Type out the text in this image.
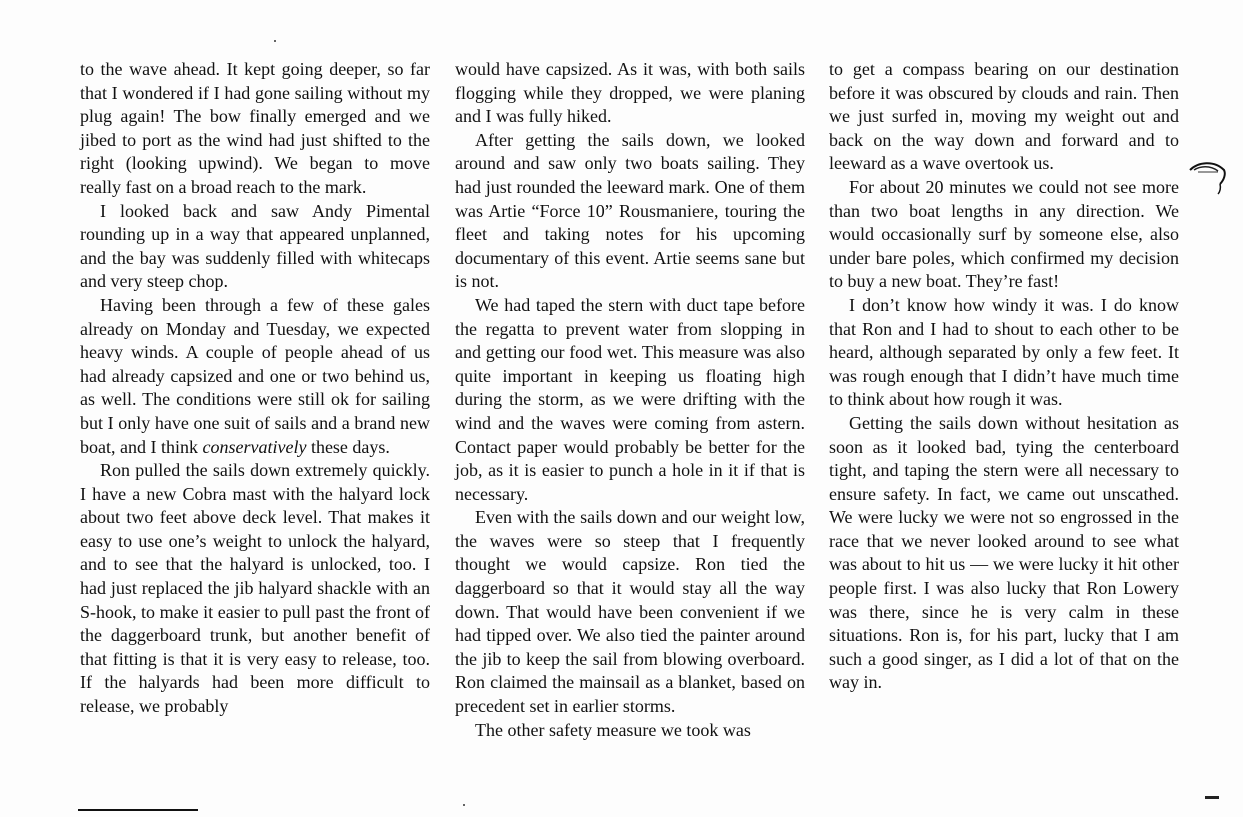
to the wave ahead. It kept going deeper, so far that I wondered if I had gone sailing without my plug again! The bow finally emerged and we jibed to port as the wind had just shifted to the right (looking upwind). We began to move really fast on a broad reach to the mark.

I looked back and saw Andy Pimental rounding up in a way that appeared unplanned, and the bay was suddenly filled with whitecaps and very steep chop.

Having been through a few of these gales already on Monday and Tuesday, we expected heavy winds. A couple of people ahead of us had already capsized and one or two behind us, as well. The conditions were still ok for sailing but I only have one suit of sails and a brand new boat, and I think conservatively these days.

Ron pulled the sails down extremely quickly. I have a new Cobra mast with the halyard lock about two feet above deck level. That makes it easy to use one’s weight to unlock the halyard, and to see that the halyard is unlocked, too. I had just replaced the jib halyard shackle with an S-hook, to make it easier to pull past the front of the daggerboard trunk, but another benefit of that fitting is that it is very easy to release, too. If the halyards had been more difficult to release, we probably

would have capsized. As it was, with both sails flogging while they dropped, we were planing and I was fully hiked.

After getting the sails down, we looked around and saw only two boats sailing. They had just rounded the leeward mark. One of them was Artie “Force 10” Rousmaniere, touring the fleet and taking notes for his upcoming documentary of this event. Artie seems sane but is not.

We had taped the stern with duct tape before the regatta to prevent water from slopping in and getting our food wet. This measure was also quite important in keeping us floating high during the storm, as we were drifting with the wind and the waves were coming from astern. Contact paper would probably be better for the job, as it is easier to punch a hole in it if that is necessary.

Even with the sails down and our weight low, the waves were so steep that I frequently thought we would capsize. Ron tied the daggerboard so that it would stay all the way down. That would have been convenient if we had tipped over. We also tied the painter around the jib to keep the sail from blowing overboard. Ron claimed the mainsail as a blanket, based on precedent set in earlier storms.

The other safety measure we took was

to get a compass bearing on our destination before it was obscured by clouds and rain. Then we just surfed in, moving my weight out and back on the way down and forward and to leeward as a wave overtook us.

For about 20 minutes we could not see more than two boat lengths in any direction. We would occasionally surf by someone else, also under bare poles, which confirmed my decision to buy a new boat. They’re fast!

I don’t know how windy it was. I do know that Ron and I had to shout to each other to be heard, although separated by only a few feet. It was rough enough that I didn’t have much time to think about how rough it was.

Getting the sails down without hesitation as soon as it looked bad, tying the centerboard tight, and taping the stern were all necessary to ensure safety. In fact, we came out unscathed. We were lucky we were not so engrossed in the race that we never looked around to see what was about to hit us — we were lucky it hit other people first. I was also lucky that Ron Lowery was there, since he is very calm in these situations. Ron is, for his part, lucky that I am such a good singer, as I did a lot of that on the way in.
